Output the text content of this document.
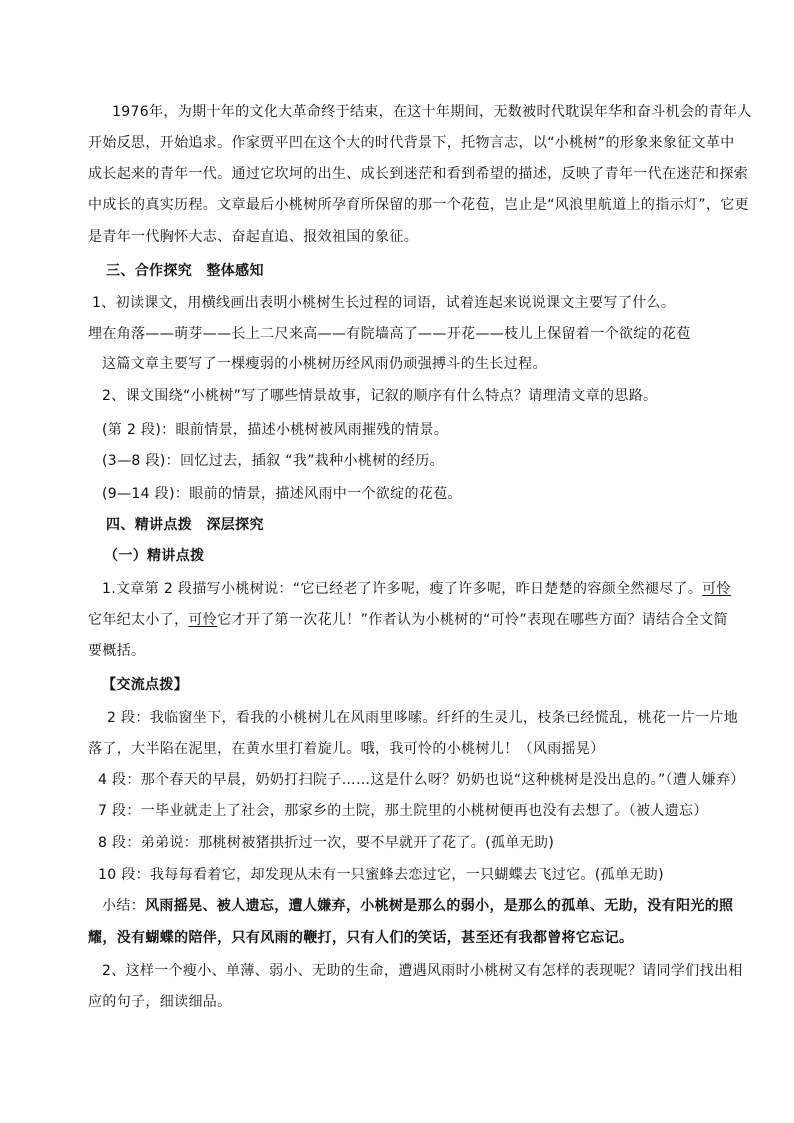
1976年，为期十年的文化大革命终于结束，在这十年期间，无数被时代耽误年华和奋斗机会的青年人
开始反思，开始追求。作家贾平凹在这个大的时代背景下，托物言志，以“小桃树”的形象来象征文革中
成长起来的青年一代。通过它坎坷的出生、成长到迷茫和看到希望的描述，反映了青年一代在迷茫和探索
中成长的真实历程。文章最后小桃树所孕育所保留的那一个花苞，岂止是“风浪里航道上的指示灯”，它更
是青年一代胸怀大志、奋起直追、报效祖国的象征。
三、合作探究　整体感知
1、初读课文，用横线画出表明小桃树生长过程的词语，试着连起来说说课文主要写了什么。
埋在角落——萌芽——长上二尺来高——有院墙高了——开花——枝儿上保留着一个欲绽的花苞
这篇文章主要写了一棵瘦弱的小桃树历经风雨仍顽强搏斗的生长过程。
2、课文围绕“小桃树”写了哪些情景故事，记叙的顺序有什么特点？请理清文章的思路。
(第 2 段)：眼前情景，描述小桃树被风雨摧残的情景。
(3—8 段)：回忆过去，插叙 “我”栽种小桃树的经历。
(9—14 段)：眼前的情景，描述风雨中一个欲绽的花苞。
四、精讲点拨　深层探究
（一）精讲点拨
1.文章第 2 段描写小桃树说：“它已经老了许多呢，瘦了许多呢，昨日楚楚的容颜全然褪尽了。可怜
它年纪太小了，可怜它才开了第一次花儿！”作者认为小桃树的“可怜”表现在哪些方面？请结合全文简
要概括。
【交流点拨】
2 段：我临窗坐下，看我的小桃树儿在风雨里哆嗦。纤纤的生灵儿，枝条已经慌乱，桃花一片一片地
落了，大半陷在泥里，在黄水里打着旋儿。哦，我可怜的小桃树儿！（风雨摇晃）
4 段：那个春天的早晨，奶奶打扫院子……这是什么呀？奶奶也说“这种桃树是没出息的。”（遭人嫌弃）
7 段：一毕业就走上了社会，那家乡的土院，那土院里的小桃树便再也没有去想了。（被人遗忘）
8 段：弟弟说：那桃树被猪拱折过一次，要不早就开了花了。(孤单无助)
10 段：我每每看着它，却发现从未有一只蜜蜂去恋过它，一只蝴蝶去飞过它。(孤单无助)
小结：风雨摇晃、被人遗忘，遭人嫌弃，小桃树是那么的弱小，是那么的孤单、无助，没有阳光的照
耀，没有蝴蝶的陪伴，只有风雨的鞭打，只有人们的笑话，甚至还有我都曾将它忘记。
2、这样一个瘦小、单薄、弱小、无助的生命，遭遇风雨时小桃树又有怎样的表现呢？请同学们找出相
应的句子，细读细品。
